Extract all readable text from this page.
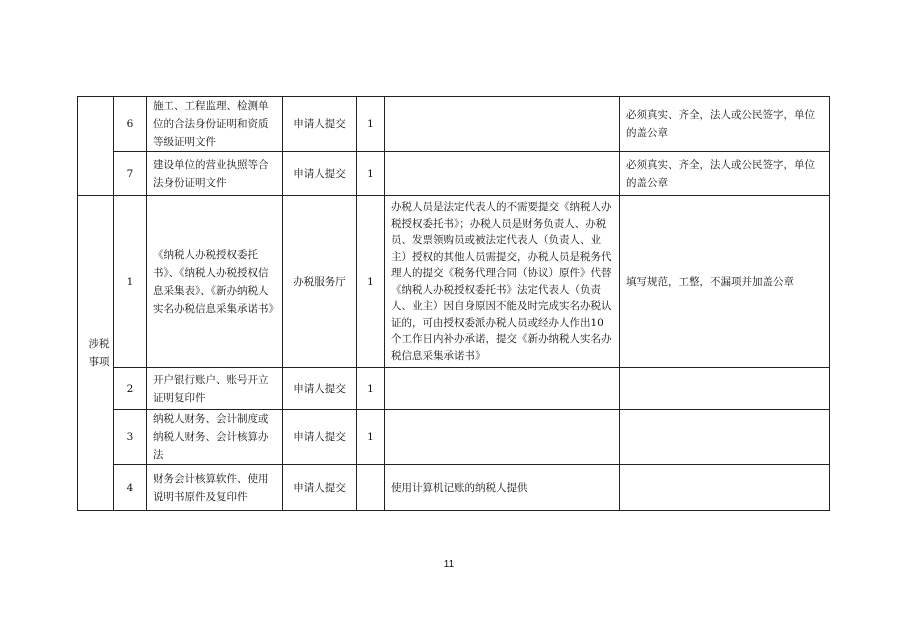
	6	施工、工程监理、检测单位的合法身份证明和资质等级证明文件	申请人提交	1		必须真实、齐全，法人或公民签字，单位的盖公章
	7	建设单位的营业执照等合法身份证明文件	申请人提交	1		必须真实、齐全，法人或公民签字，单位的盖公章
涉税事项	1	《纳税人办税授权委托书》、《纳税人办税授权信息采集表》、《新办纳税人实名办税信息采集承诺书》	办税服务厅	1	办税人员是法定代表人的不需要提交《纳税人办税授权委托书》；办税人员是财务负责人、办税员、发票领购员或被法定代表人（负责人、业主）授权的其他人员需提交，办税人员是税务代理人的提交《税务代理合同（协议）原件》代替《纳税人办税授权委托书》法定代表人（负责人、业主）因自身原因不能及时完成实名办税认证的，可由授权委派办税人员或经办人作出10个工作日内补办承诺，提交《新办纳税人实名办税信息采集承诺书》	填写规范，工整，不漏项并加盖公章
	2	开户银行账户、账号开立证明复印件	申请人提交	1		
	3	纳税人财务、会计制度或纳税人财务、会计核算办法	申请人提交	1		
	4	财务会计核算软件、使用说明书原件及复印件	申请人提交		使用计算机记账的纳税人提供	
11
